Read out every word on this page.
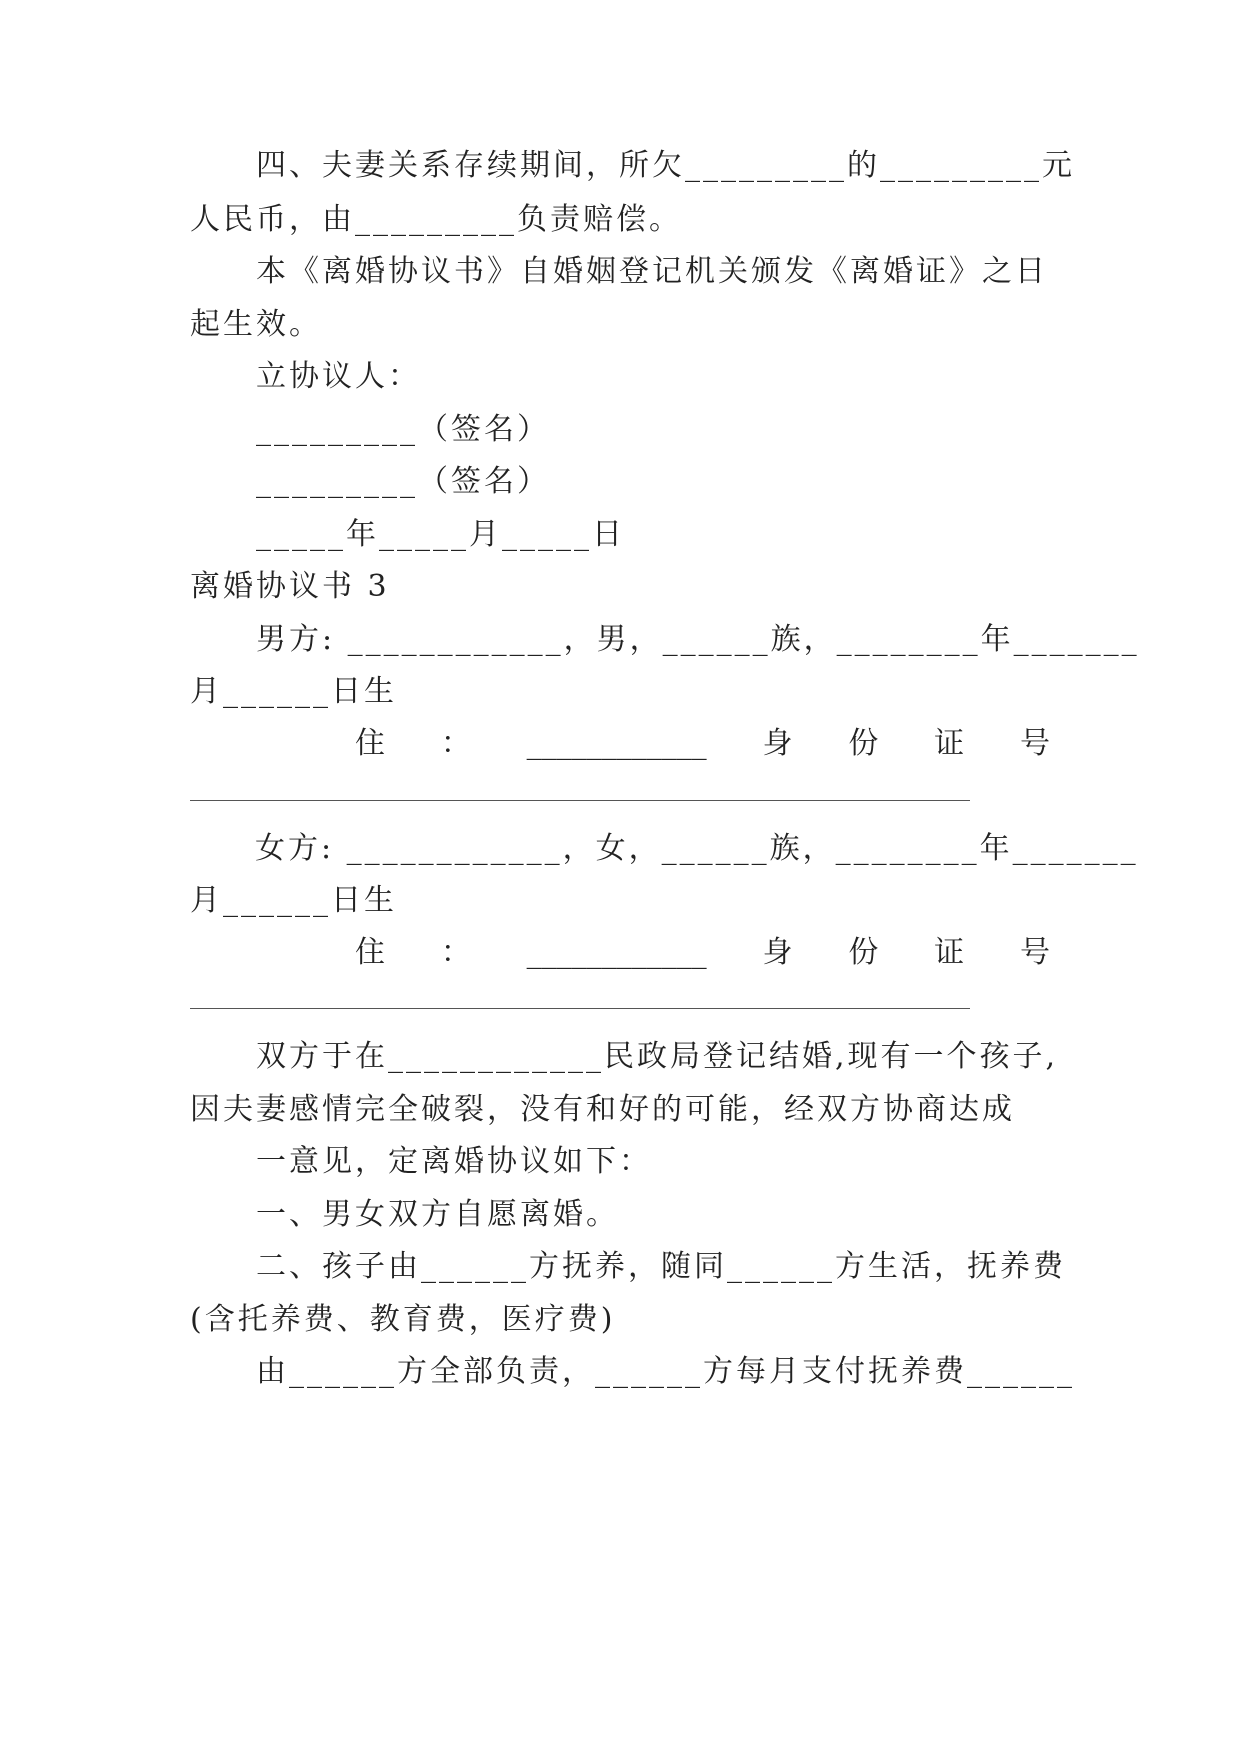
　　四、夫妻关系存续期间，所欠_________的_________元
人民币，由_________负责赔偿。
　　本《离婚协议书》自婚姻登记机关颁发《离婚证》之日
起生效。
　　立协议人：
　　_________（签名）
　　_________（签名）
　　_____年_____月_____日
离婚协议书 3
　　男方: ____________，男，______族，________年_______
月______日生
住 ： ____________ 身 份 证 号
女方: ____________，女，______族，________年_______
月______日生
住 ： ____________ 身 份 证 号
　　双方于在____________民政局登记结婚,现有一个孩子,
因夫妻感情完全破裂，没有和好的可能，经双方协商达成
　　一意见，定离婚协议如下：
　　一、男女双方自愿离婚。
　　二、孩子由______方抚养，随同______方生活，抚养费
(含托养费、教育费，医疗费)
　　由______方全部负责，______方每月支付抚养费______
